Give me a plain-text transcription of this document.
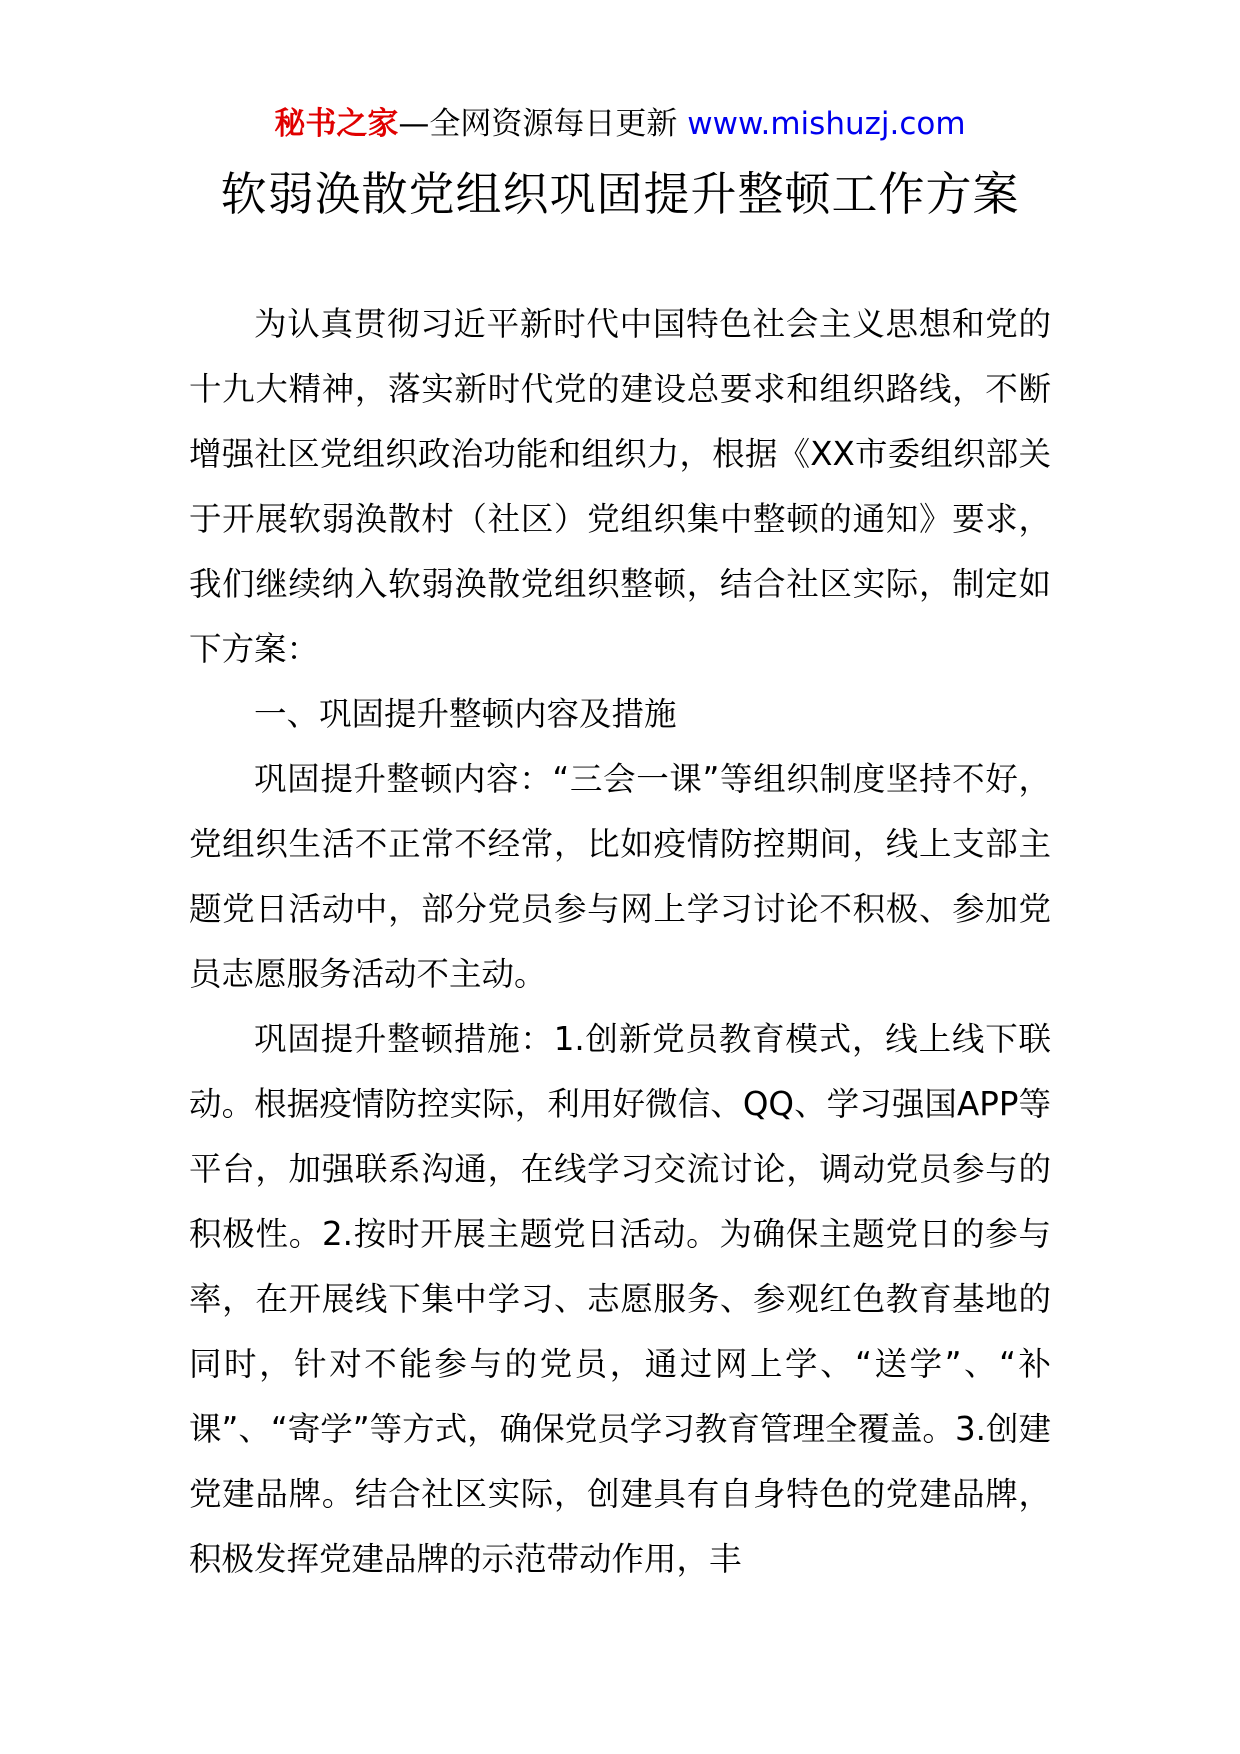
秘书之家—全网资源每日更新 www.mishuzj.com
软弱涣散党组织巩固提升整顿工作方案

为认真贯彻习近平新时代中国特色社会主义思想和党的十九大精神，落实新时代党的建设总要求和组织路线，不断增强社区党组织政治功能和组织力，根据《XX市委组织部关于开展软弱涣散村（社区）党组织集中整顿的通知》要求，我们继续纳入软弱涣散党组织整顿，结合社区实际，制定如下方案：

一、巩固提升整顿内容及措施

巩固提升整顿内容：“三会一课”等组织制度坚持不好，党组织生活不正常不经常，比如疫情防控期间，线上支部主题党日活动中，部分党员参与网上学习讨论不积极、参加党员志愿服务活动不主动。

巩固提升整顿措施：1.创新党员教育模式，线上线下联动。根据疫情防控实际，利用好微信、QQ、学习强国APP等平台，加强联系沟通，在线学习交流讨论，调动党员参与的积极性。2.按时开展主题党日活动。为确保主题党日的参与率，在开展线下集中学习、志愿服务、参观红色教育基地的同时，针对不能参与的党员，通过网上学、“送学”、“补课”、“寄学”等方式，确保党员学习教育管理全覆盖。3.创建党建品牌。结合社区实际，创建具有自身特色的党建品牌，积极发挥党建品牌的示范带动作用，丰
